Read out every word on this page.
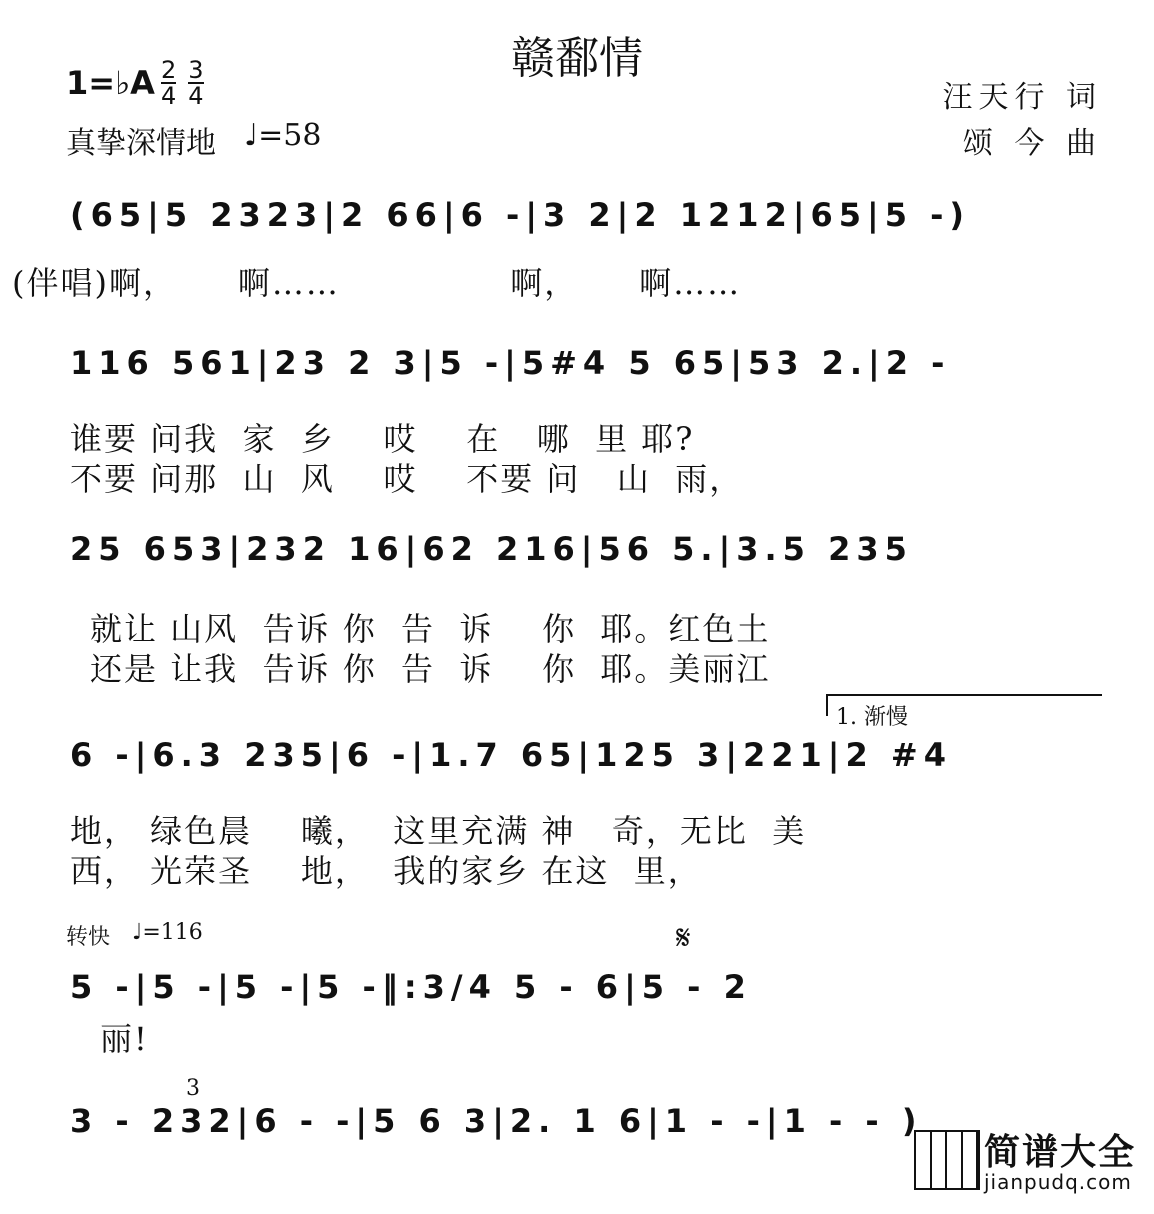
赣鄱情
1=♭A $\frac{2}{4} \frac{3}{4}$
真挚深情地 ♩=58
汪天行 词
颂 今 曲
(65|5 2323|2 66|6 -|3 2|2 1212|65|5 -)
(伴唱)啊，     啊……              啊，     啊……
116 561|23 2 3|5 -|5#4 5 65|53 2.|2 -
谁要 问我  家  乡    哎    在   哪  里 耶?
不要 问那  山  风    哎    不要 问   山  雨，
25 653|232 16|62 216|56 5.|3.5 235
就让 山风  告诉 你  告  诉    你  耶。红色土
还是 让我  告诉 你  告  诉    你  耶。美丽江
1. 渐慢
6 -|6.3 235|6 -|1.7 65|125 3|221|2 #4
地， 绿色晨    曦，  这里充满 神   奇，无比  美
西， 光荣圣    地，  我的家乡 在这  里，
转快 ♩=116	𝄋
5 -|5 -|5 -|5 -‖:3/4 5 - 6|5 - 2
丽!
3
3 - 232|6 - -|5 6 3|2. 1 6|1 - -|1 - - )
简谱大全
jianpudq.com
